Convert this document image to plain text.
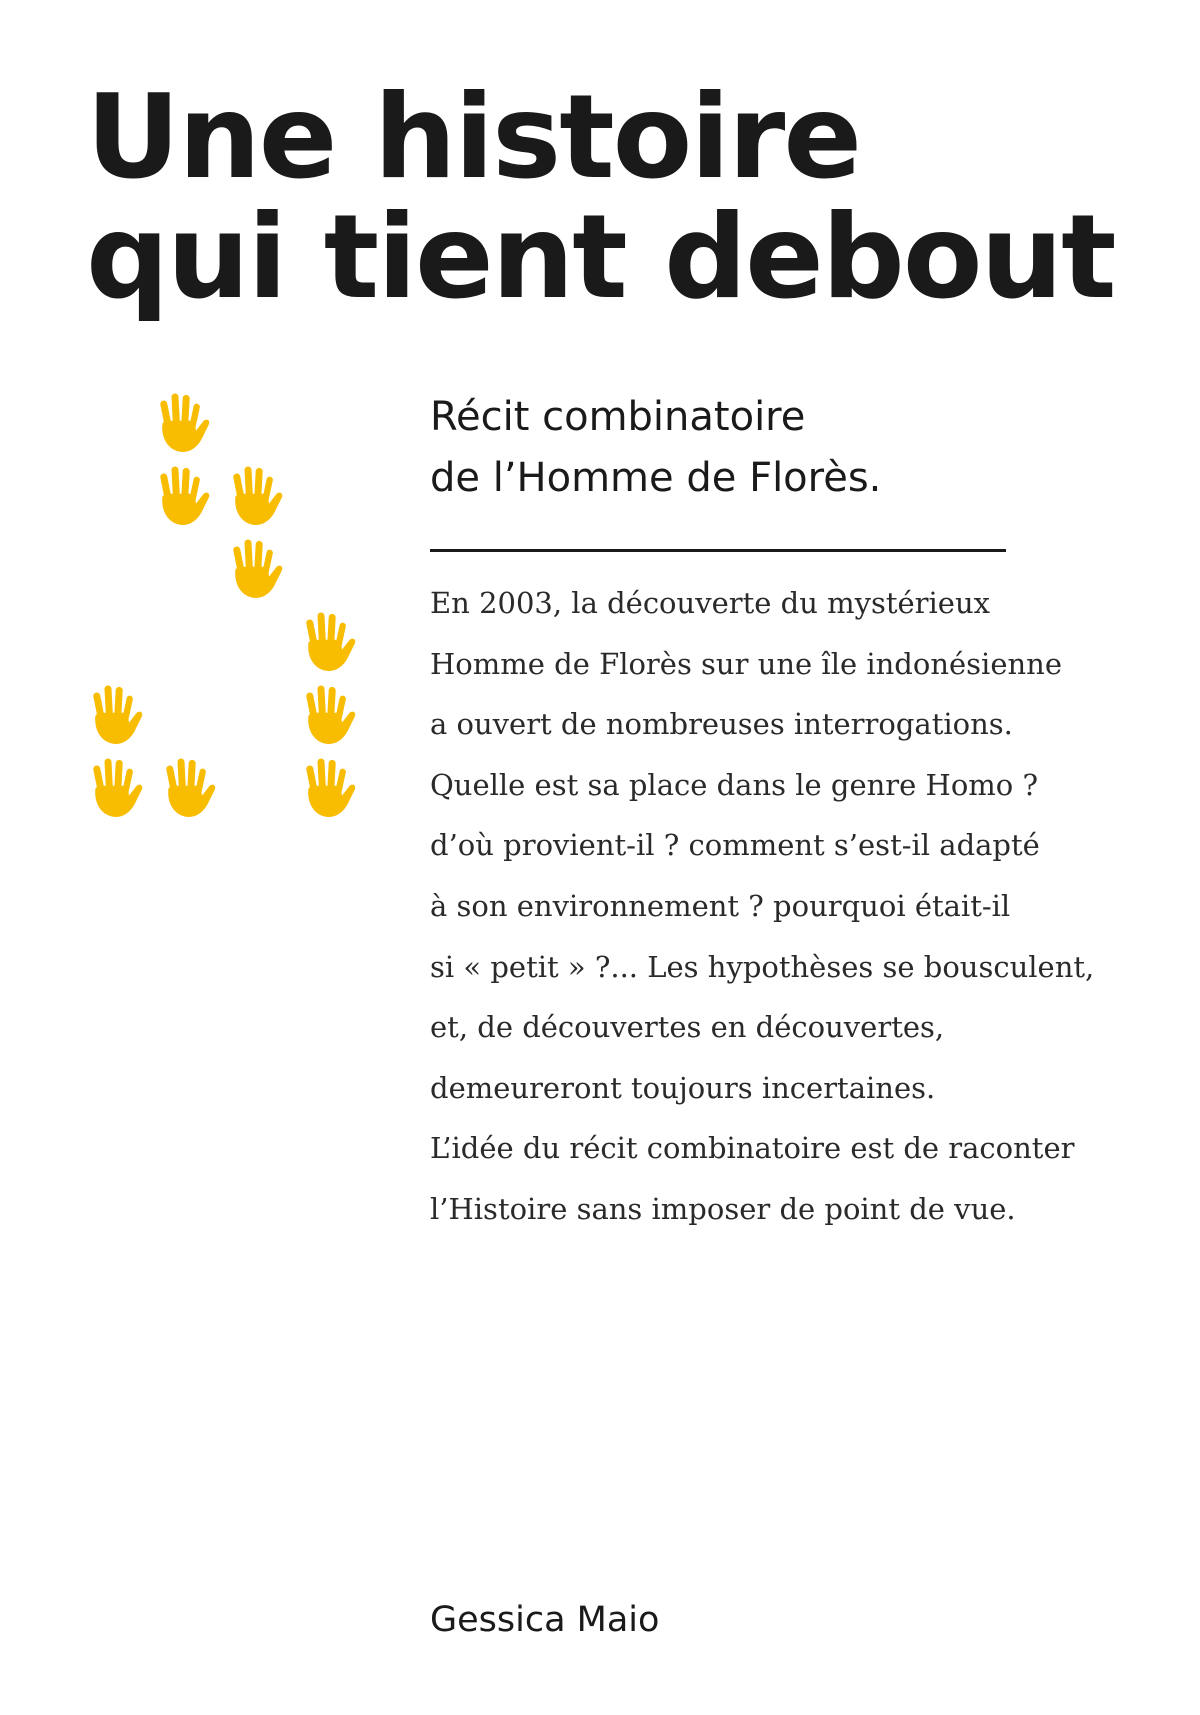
Une histoire
qui tient debout
Récit combinatoire
de l’Homme de Florès.

En 2003, la découverte du mystérieux
Homme de Florès sur une île indonésienne
a ouvert de nombreuses interrogations.
Quelle est sa place dans le genre Homo ?
d’où provient-il ? comment s’est-il adapté
à son environnement ? pourquoi était-il
si « petit » ?... Les hypothèses se bousculent,
et, de découvertes en découvertes,
demeureront toujours incertaines.
L’idée du récit combinatoire est de raconter
l’Histoire sans imposer de point de vue.

Gessica Maio
